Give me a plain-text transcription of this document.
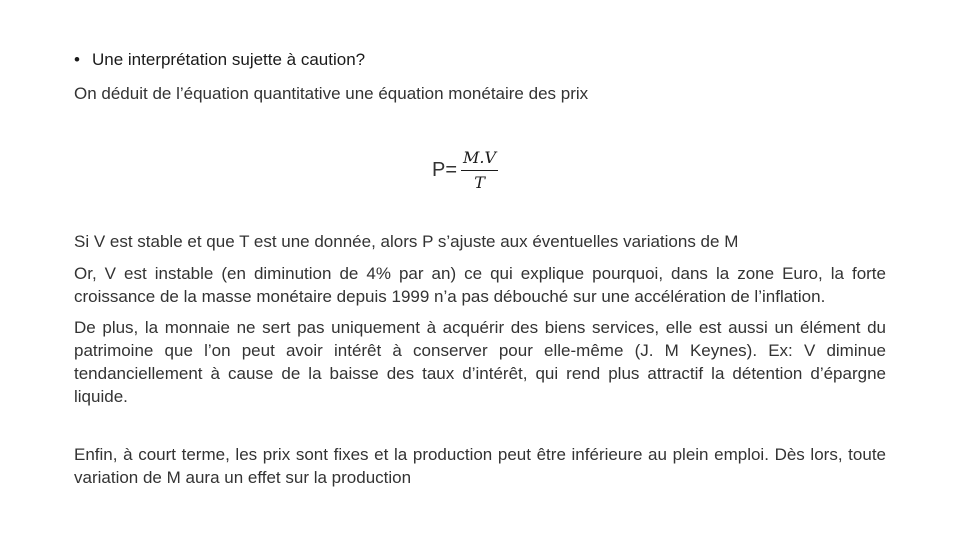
• Une interprétation sujette à caution?
On déduit de l’équation quantitative une équation monétaire des prix
$P= \frac{M.V}{T}$

Si V est stable et que T est une donnée, alors P s’ajuste aux éventuelles variations de M

Or, V est instable (en diminution de 4% par an) ce qui explique pourquoi, dans la zone Euro, la forte croissance de la masse monétaire depuis 1999 n’a pas débouché sur une accélération de l’inflation.

De plus, la monnaie ne sert pas uniquement à acquérir des biens services, elle est aussi un élément du patrimoine que l’on peut avoir intérêt à conserver pour elle-même (J. M Keynes). Ex: V diminue tendanciellement à cause de la baisse des taux d’intérêt, qui rend plus attractif la détention d’épargne liquide.

Enfin, à court terme, les prix sont fixes et la production peut être inférieure au plein emploi. Dès lors, toute variation de M aura un effet sur la production
